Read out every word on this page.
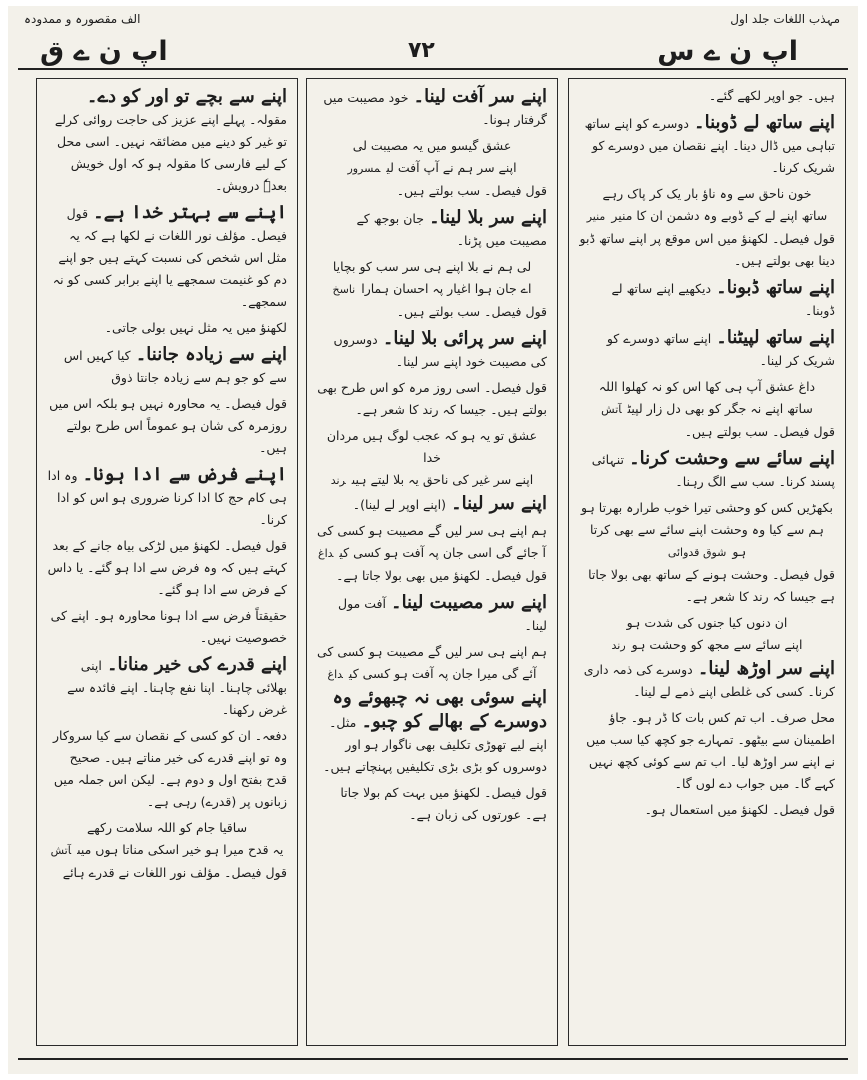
مہذب اللغات جلد اول
الف مقصورہ و ممدودہ
اپ ن ے س
۷۲
اپ ن ے ق
ہیں۔ جو اوپر لکھے گئے۔
اپنے ساتھ لے ڈوبنا۔ دوسرے کو اپنے ساتھ تباہی میں ڈال دینا۔ اپنے نقصان میں دوسرے کو شریک کرنا۔

خون ناحق سے وہ ناؤ بار یک کر پاک رہے

ساتھ اپنے لے کے ڈوبے وہ دشمن ان کا منیرمنیر

قول فیصل۔ لکھنؤ میں اس موقع پر اپنے ساتھ ڈبو دینا بھی بولتے ہیں۔
اپنے ساتھ ڈبونا۔ دیکھیے اپنے ساتھ لے ڈوبنا۔
اپنے ساتھ لپیٹنا۔ اپنے ساتھ دوسرے کو شریک کر لینا۔

داغ عشق آپ ہی کھا اس کو نہ کھلوا اللہ

ساتھ اپنے نہ جگر کو بھی دل زار لپیٹآتش

قول فیصل۔ سب بولتے ہیں۔
اپنے سائے سے وحشت کرنا۔ تنہائی پسند کرنا۔ سب سے الگ رہنا۔

بکھڑیں کس کو وحشی تیرا خوب طرارہ بھرتا ہو

ہم سے کیا وہ وحشت اپنے سائے سے بھی کرتا ہوشوق قدوائی

قول فیصل۔ وحشت ہونے کے ساتھ بھی بولا جاتا ہے جیسا کہ رند کا شعر ہے۔

ان دنوں کیا جنوں کی شدت ہو

اپنے سائے سے مجھ کو وحشت ہورند

اپنے سر اوڑھ لینا۔ دوسرے کی ذمہ داری کرنا۔ کسی کی غلطی اپنے ذمے لے لینا۔
محل صرف۔ اب تم کس بات کا ڈر ہو۔ جاؤ اطمینان سے بیٹھو۔ تمہارے جو کچھ کیا سب میں نے اپنے سر اوڑھ لیا۔ اب تم سے کوئی کچھ نہیں کہے گا۔ میں جواب دے لوں گا۔
قول فیصل۔ لکھنؤ میں استعمال ہو۔
اپنے سر آفت لینا۔ خود مصیبت میں گرفتار ہونا۔

عشق گیسو میں یہ مصیبت لی

اپنے سر ہم نے آپ آفت لیمسرور

قول فیصل۔ سب بولتے ہیں۔
اپنے سر بلا لینا۔ جان بوجھ کے مصیبت میں پڑنا۔

لی ہم نے بلا اپنے ہی سر سب کو بچایا

اے جان ہوا اغیار پہ احسان ہماراناسخ

قول فیصل۔ سب بولتے ہیں۔
اپنے سر پرائی بلا لینا۔ دوسروں کی مصیبت خود اپنے سر لینا۔
قول فیصل۔ اسی روز مرہ کو اس طرح بھی بولتے ہیں۔ جیسا کہ رند کا شعر ہے۔

عشق تو یہ ہو کہ عجب لوگ ہیں مردان خدا

اپنے سر غیر کی ناحق یہ بلا لیتے ہیںرند

اپنے سر لینا۔ (اپنے اوپر لے لینا)۔

ہم اپنے ہی سر لیں گے مصیبت ہو کسی کی

آ جائے گی اسی جان پہ آفت ہو کسی کیداغ

قول فیصل۔ لکھنؤ میں بھی بولا جاتا ہے۔
اپنے سر مصیبت لینا۔ آفت مول لینا۔

ہم اپنے ہی سر لیں گے مصیبت ہو کسی کی

آئے گی میرا جان پہ آفت ہو کسی کیداغ

اپنے سوئی بھی نہ چبھوئے وہ دوسرے کے بھالے کو چبو۔ مثل۔ اپنے لیے تھوڑی تکلیف بھی ناگوار ہو اور دوسروں کو بڑی بڑی تکلیفیں پہنچاتے ہیں۔
قول فیصل۔ لکھنؤ میں بہت کم بولا جاتا ہے۔ عورتوں کی زبان ہے۔
اپنے سے بچے تو اور کو دے۔ مقولہ۔ پہلے اپنے عزیز کی حاجت روائی کرلے تو غیر کو دینے میں مضائقہ نہیں۔ اسی محل کے لیے فارسی کا مقولہ ہو کہ اول خویش بعدہٗ درویش۔
اپنے سے بہتر خدا ہے۔ قول فیصل۔ مؤلف نور اللغات نے لکھا ہے کہ یہ مثل اس شخص کی نسبت کہتے ہیں جو اپنے دم کو غنیمت سمجھے یا اپنے برابر کسی کو نہ سمجھے۔
لکھنؤ میں یہ مثل نہیں بولی جاتی۔
اپنے سے زیادہ جاننا۔ کیا کہیں اس سے کو جو ہم سے زیادہ جانتا ذوق
قول فیصل۔ یہ محاورہ نہیں ہو بلکہ اس میں روزمرہ کی شان ہو عموماً اس طرح بولتے ہیں۔
اپنے فرض سے ادا ہونا۔ وہ ادا ہی کام حج کا ادا کرنا ضروری ہو اس کو ادا کرنا۔
قول فیصل۔ لکھنؤ میں لڑکی بیاہ جانے کے بعد کہتے ہیں کہ وہ فرض سے ادا ہو گئے۔ یا داس کے فرض سے ادا ہو گئے۔
حقیقتاً فرض سے ادا ہونا محاورہ ہو۔ اپنے کی خصوصیت نہیں۔
اپنے قدرے کی خیر منانا۔ اپنی بھلائی چاہنا۔ اپنا نفع چاہنا۔ اپنے فائدہ سے غرض رکھنا۔
دفعہ۔ ان کو کسی کے نقصان سے کیا سروکار وہ تو اپنے قدرے کی خیر مناتے ہیں۔ صحیح قدح بفتح اول و دوم ہے۔ لیکن اس جملہ میں زبانوں پر (قدرے) رہی ہے۔

ساقیا جام کو اللہ سلامت رکھے

یہ قدح میرا ہو خیر اسکی مناتا ہوں میںآتش

قول فیصل۔ مؤلف نور اللغات نے قدرے ہائے
